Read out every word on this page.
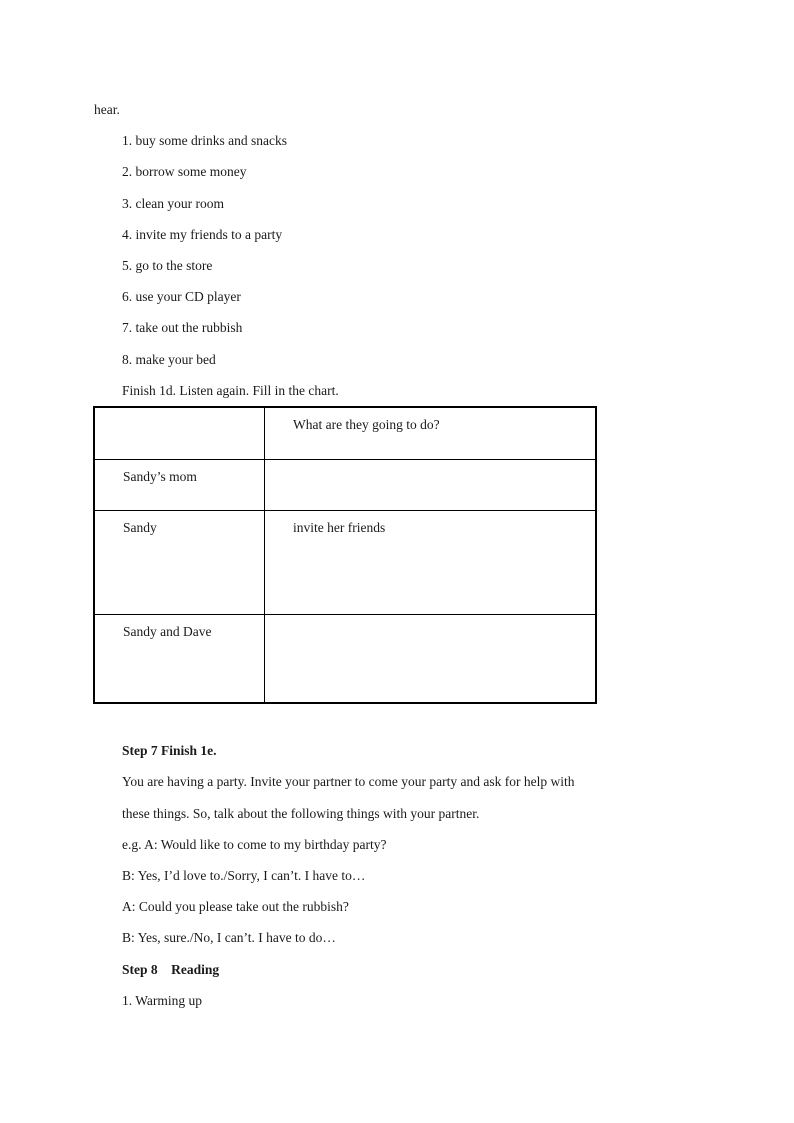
hear.
1. buy some drinks and snacks
2. borrow some money
3. clean your room
4. invite my friends to a party
5. go to the store
6. use your CD player
7. take out the rubbish
8. make your bed
Finish 1d. Listen again. Fill in the chart.

	What are they going to do?

Sandy’s mom	

Sandy	invite her friends

Sandy and Dave	

Step 7 Finish 1e.
You are having a party. Invite your partner to come your party and ask for help with
these things. So, talk about the following things with your partner.
e.g. A: Would like to come to my birthday party?
B: Yes, I’d love to./Sorry, I can’t. I have to…
A: Could you please take out the rubbish?
B: Yes, sure./No, I can’t. I have to do…
Step 8    Reading
1. Warming up
